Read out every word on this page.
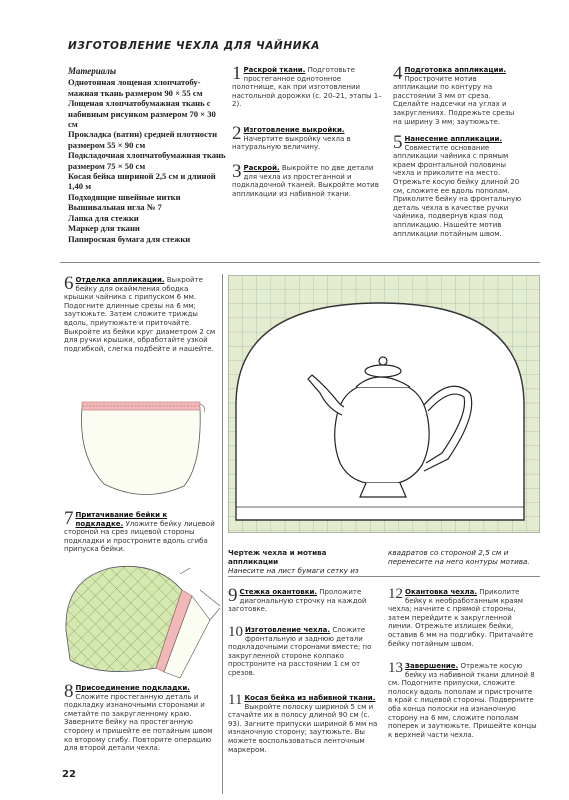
ИЗГОТОВЛЕНИЕ ЧЕХЛА ДЛЯ ЧАЙНИКА
Материалы
Однотонная лощеная хлопчатобу-мажная ткань размером 90 × 55 см
Лощеная хлопчатобумажная ткань с набивным рисунком размером 70 × 30 см
Прокладка (ватин) средней плотности размером 55 × 90 см
Подкладочная хлопчатобумажная ткань размером 75 × 50 см
Косая бейка шириной 2,5 см и длиной 1,40 м
Подходящие швейные нитки
Вышивальная игла № 7
Лапка для стежки
Маркер для ткани
Папиросная бумага для стежки
1 Раскрой ткани. Подготовьте простеганное однотонное полотнище, как при изготовлении настольной дорожки (с. 20–21, этапы 1–2).
2 Изготовление выкройки. Начертите выкройку чехла в натуральную величину.
3 Раскрой. Выкройте по две детали для чехла из простеганной и подкладочной тканей. Выкройте мотив аппликации из набивной ткани.
4 Подготовка аппликации. Прострочите мотив аппликации по контуру на расстоянии 3 мм от среза. Сделайте надсечки на углах и закруглениях. Подрежьте срезы на ширину 3 мм; заутюжьте.
5 Нанесение аппликации. Совместите основание аппликации чайника с прямым краем фронтальной половины чехла и приколите на место. Отрежьте косую бейку длиной 20 см, сложите ее вдоль пополам. Приколите бейку на фронтальную деталь чехла в качестве ручки чайника, подвернув края под аппликацию. Нашейте мотив аппликации потайным швом.
6 Отделка аппликации. Выкройте бейку для окаймления ободка крышки чайника с припуском 6 мм. Подогните длинные срезы на 6 мм; заутюжьте. Затем сложите трижды вдоль, приутюжьте и приточайте. Выкройте из бейки круг диаметром 2 см для ручки крышки, обработайте узкой подгибкой, слегка подбейте и нашейте.
7 Притачивание бейки к подкладке. Уложите бейку лицевой стороной на срез лицевой стороны подкладки и простроните вдоль сгиба припуска бейки.
8 Присоединение подкладки. Сложите простеганную деталь и подкладку изнаночными сторонами и сметайте по закругленному краю. Заверните бейку на простеганную сторону и пришейте ее потайным швом ко второму сгибу. Повторите операцию для второй детали чехла.
Чертеж чехла и мотива аппликации
Нанесите на лист бумаги сетку из
квадратов со стороной 2,5 см и перенесите на него контуры мотива.
9 Стежка окантовки. Проложите диагональную строчку на каждой заготовке.
10 Изготовление чехла. Сложите фронтальную и заднюю детали подкладочными сторонами вместе; по закругленной стороне колпако простроните на расстоянии 1 см от срезов.
11 Косая бейка из набивной ткани. Выкройте полоску шириной 5 см и стачайте их в полосу длиной 90 см (с. 93). Загните припуски шириной 6 мм на изнаночную сторону; заутюжьте. Вы можете воспользоваться ленточным маркером.
12 Окантовка чехла. Приколите бейку к необработанным краям чехла; начните с прямой стороны, затем перейдите к закругленной линии. Отрежьте излишек бейки, оставив 6 мм на подгибку. Притачайте бейку потайным швом.
13 Завершение. Отрежьте косую бейку из набивной ткани длиной 8 см. Подогните припуски, сложите полоску вдоль пополам и пристрочите в край с лицевой стороны. Подверните оба конца полоски на изнаночную сторону на 6 мм, сложите пополам поперек и заутюжьте. Пришейте концы к верхней части чехла.
22
